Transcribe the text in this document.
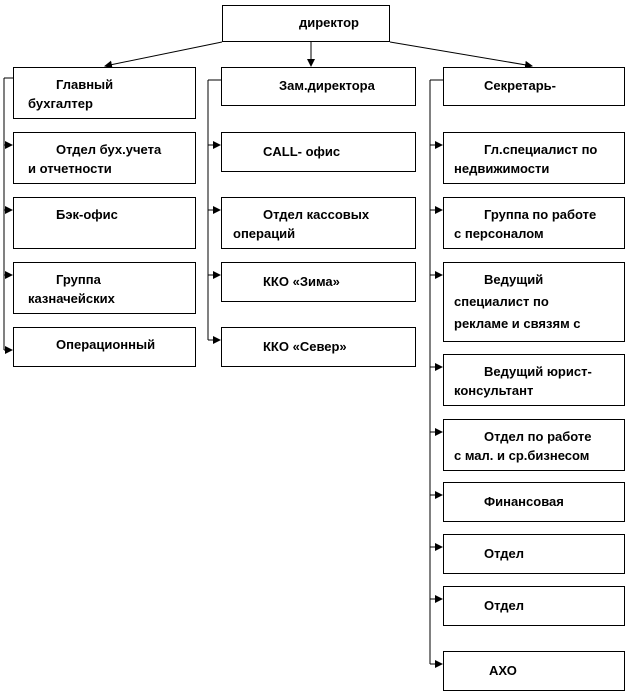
директор
Главный
бухгалтер
Отдел бух.учета
и отчетности
Бэк-офис
Группа
казначейских
Операционный
Зам.директора
CALL- офис
Отдел кассовых
операций
ККО «Зима»
ККО «Север»
Секретарь-
Гл.специалист по
недвижимости
Группа по работе
с персоналом
Ведущий
специалист по
рекламе и связям с
Ведущий юрист-
консультант
Отдел по работе
с мал. и ср.бизнесом
Финансовая
Отдел
Отдел
АХО
